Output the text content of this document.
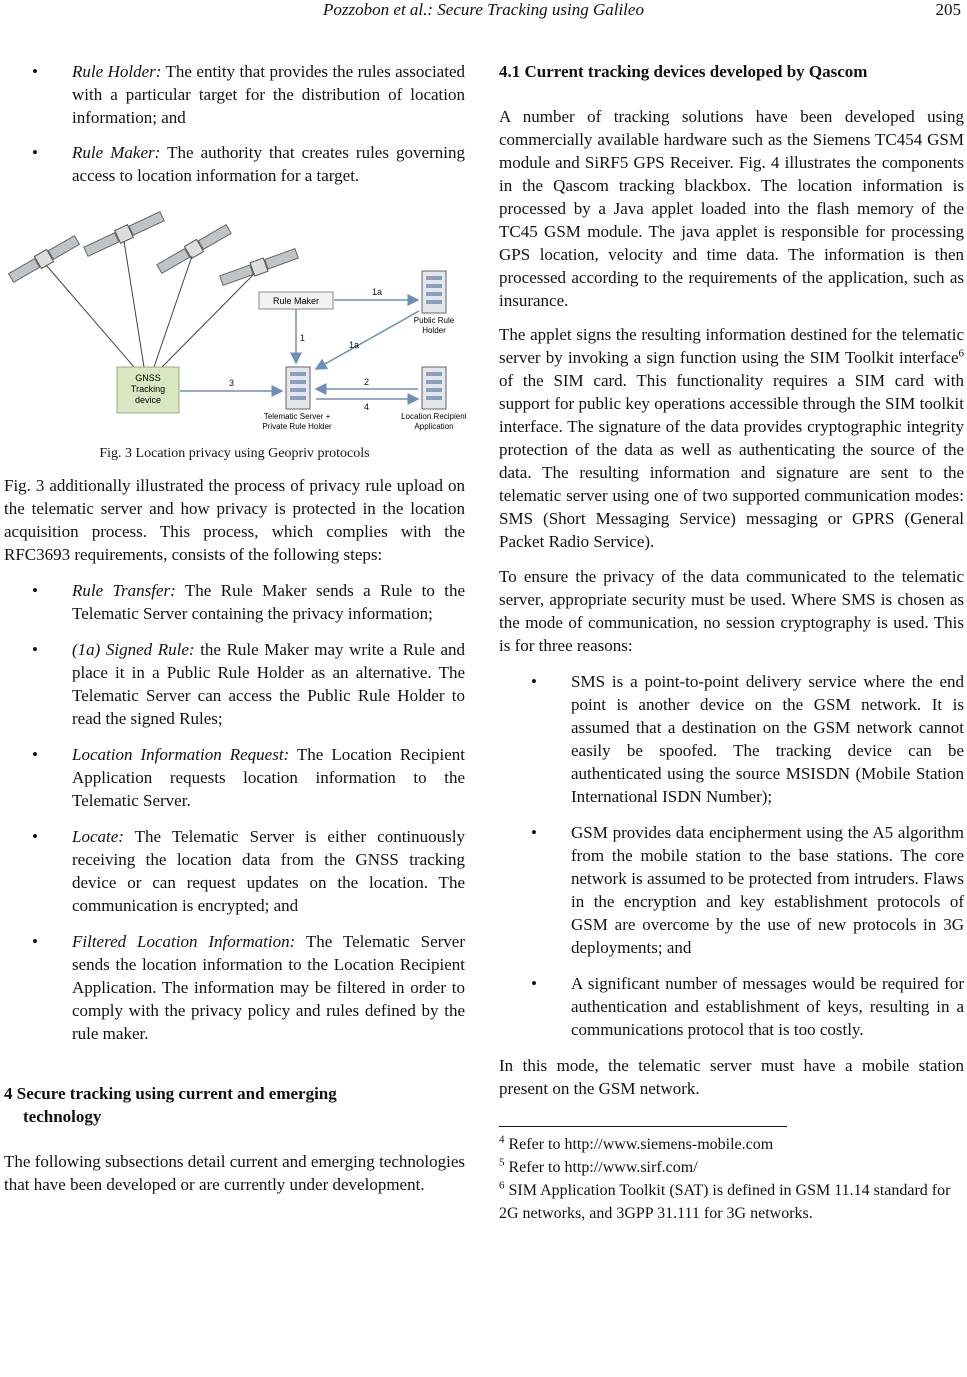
Pozzobon et al.: Secure Tracking using Galileo	205
• Rule Holder: The entity that provides the rules associated with a particular target for the distribution of location information; and
• Rule Maker: The authority that creates rules governing access to location information for a target.
GNSS
Tracking
device
Rule Maker
Telematic Server +
Private Rule Holder
Public Rule
Holder
Location Recipient
Application
1a
1
1a
3	2
4

Fig. 3 Location privacy using Geopriv protocols

Fig. 3 additionally illustrated the process of privacy rule upload on the telematic server and how privacy is protected in the location acquisition process. This process, which complies with the RFC3693 requirements, consists of the following steps:

• Rule Transfer: The Rule Maker sends a Rule to the Telematic Server containing the privacy information;
• (1a) Signed Rule: the Rule Maker may write a Rule and place it in a Public Rule Holder as an alternative. The Telematic Server can access the Public Rule Holder to read the signed Rules;
• Location Information Request: The Location Recipient Application requests location information to the Telematic Server.
• Locate: The Telematic Server is either continuously receiving the location data from the GNSS tracking device or can request updates on the location. The communication is encrypted; and
• Filtered Location Information: The Telematic Server sends the location information to the Location Recipient Application. The information may be filtered in order to comply with the privacy policy and rules defined by the rule maker.
4 Secure tracking using current and emerging
technology

The following subsections detail current and emerging technologies that have been developed or are currently under development.

4.1 Current tracking devices developed by Qascom

A number of tracking solutions have been developed using commercially available hardware such as the Siemens TC454 GSM module and SiRF5 GPS Receiver. Fig. 4 illustrates the components in the Qascom tracking blackbox. The location information is processed by a Java applet loaded into the flash memory of the TC45 GSM module. The java applet is responsible for processing GPS location, velocity and time data. The information is then processed according to the requirements of the application, such as insurance.

The applet signs the resulting information destined for the telematic server by invoking a sign function using the SIM Toolkit interface$^6$ of the SIM card. This functionality requires a SIM card with support for public key operations accessible through the SIM toolkit interface. The signature of the data provides cryptographic integrity protection of the data as well as authenticating the source of the data. The resulting information and signature are sent to the telematic server using one of two supported communication modes: SMS (Short Messaging Service) messaging or GPRS (General Packet Radio Service).

To ensure the privacy of the data communicated to the telematic server, appropriate security must be used. Where SMS is chosen as the mode of communication, no session cryptography is used. This is for three reasons:

• SMS is a point-to-point delivery service where the end point is another device on the GSM network. It is assumed that a destination on the GSM network cannot easily be spoofed. The tracking device can be authenticated using the source MSISDN (Mobile Station International ISDN Number);
• GSM provides data encipherment using the A5 algorithm from the mobile station to the base stations. The core network is assumed to be protected from intruders. Flaws in the encryption and key establishment protocols of GSM are overcome by the use of new protocols in 3G deployments; and
• A significant number of messages would be required for authentication and establishment of keys, resulting in a communications protocol that is too costly.

In this mode, the telematic server must have a mobile station present on the GSM network.

$^4$ Refer to http://www.siemens-mobile.com
$^5$ Refer to http://www.sirf.com/
$^6$ SIM Application Toolkit (SAT) is defined in GSM 11.14 standard for 2G networks, and 3GPP 31.111 for 3G networks.
